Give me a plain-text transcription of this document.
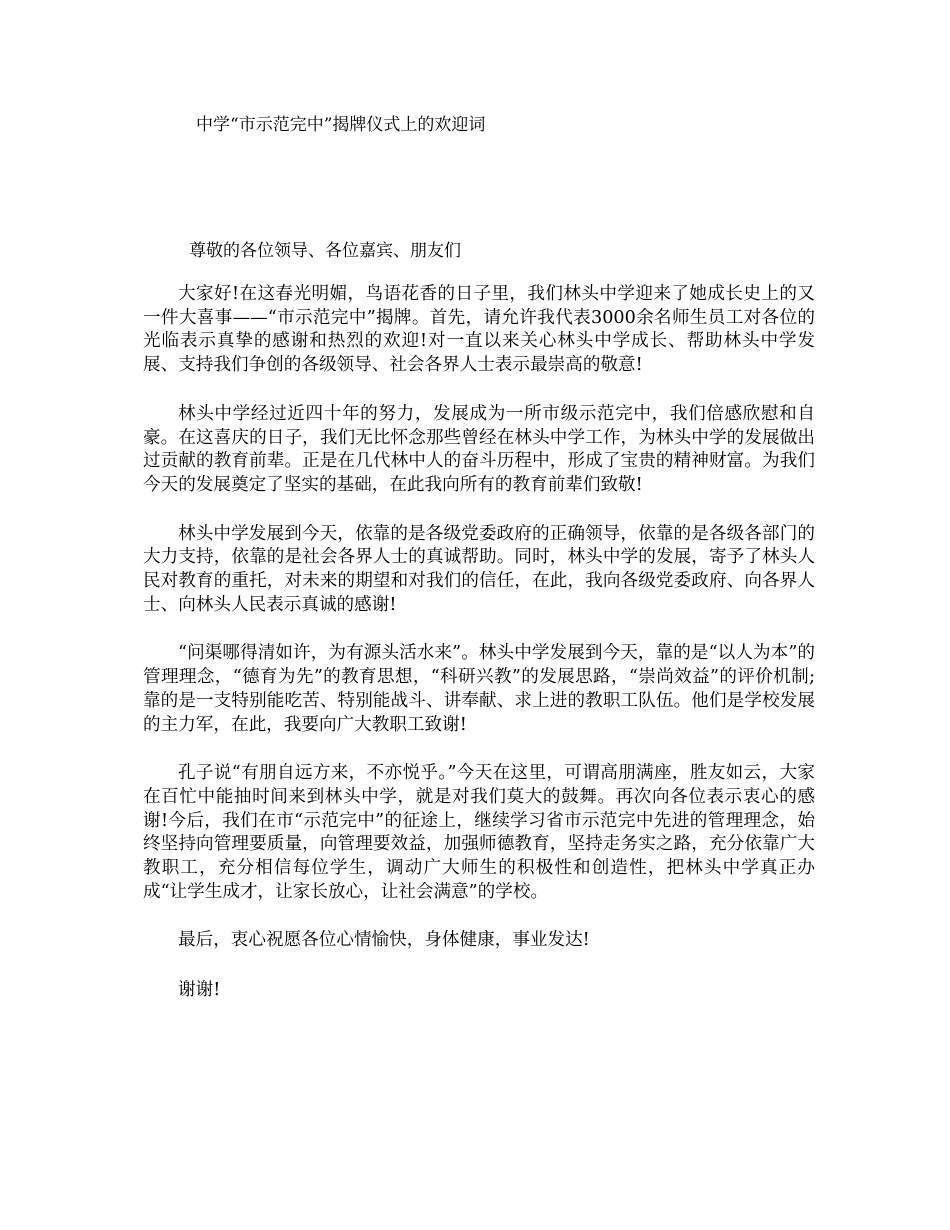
中学“市示范完中”揭牌仪式上的欢迎词
尊敬的各位领导、各位嘉宾、朋友们

大家好!在这春光明媚，鸟语花香的日子里，我们林头中学迎来了她成长史上的又一件大喜事——“市示范完中”揭牌。首先，请允许我代表3000余名师生员工对各位的光临表示真挚的感谢和热烈的欢迎!对一直以来关心林头中学成长、帮助林头中学发展、支持我们争创的各级领导、社会各界人士表示最崇高的敬意!

林头中学经过近四十年的努力，发展成为一所市级示范完中，我们倍感欣慰和自豪。在这喜庆的日子，我们无比怀念那些曾经在林头中学工作，为林头中学的发展做出过贡献的教育前辈。正是在几代林中人的奋斗历程中，形成了宝贵的精神财富。为我们今天的发展奠定了坚实的基础，在此我向所有的教育前辈们致敬!

林头中学发展到今天，依靠的是各级党委政府的正确领导，依靠的是各级各部门的大力支持，依靠的是社会各界人士的真诚帮助。同时，林头中学的发展，寄予了林头人民对教育的重托，对未来的期望和对我们的信任，在此，我向各级党委政府、向各界人士、向林头人民表示真诚的感谢!

“问渠哪得清如许，为有源头活水来”。林头中学发展到今天，靠的是“以人为本”的管理理念，“德育为先”的教育思想，“科研兴教”的发展思路，“崇尚效益”的评价机制;靠的是一支特别能吃苦、特别能战斗、讲奉献、求上进的教职工队伍。他们是学校发展的主力军，在此，我要向广大教职工致谢!

孔子说“有朋自远方来，不亦悦乎。”今天在这里，可谓高朋满座，胜友如云，大家在百忙中能抽时间来到林头中学，就是对我们莫大的鼓舞。再次向各位表示衷心的感谢!今后，我们在市“示范完中”的征途上，继续学习省市示范完中先进的管理理念，始终坚持向管理要质量，向管理要效益，加强师德教育，坚持走务实之路，充分依靠广大教职工，充分相信每位学生，调动广大师生的积极性和创造性，把林头中学真正办成“让学生成才，让家长放心，让社会满意”的学校。

最后，衷心祝愿各位心情愉快，身体健康，事业发达!

谢谢!
